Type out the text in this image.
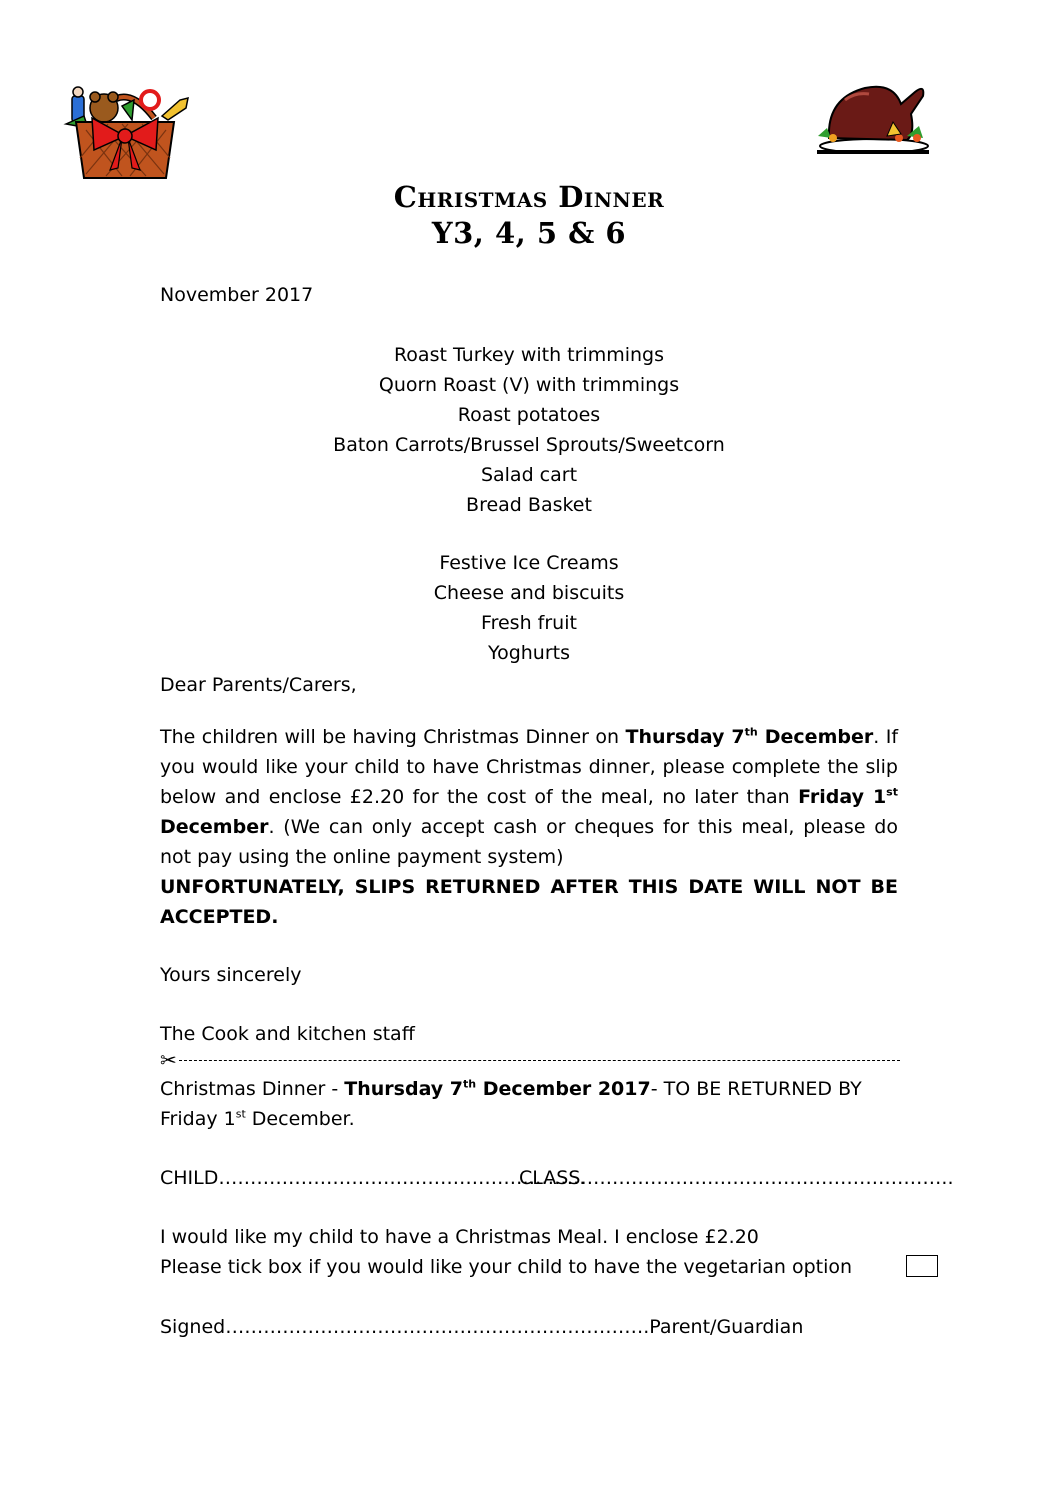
Christmas Dinner
Y3, 4, 5 & 6
November 2017
Roast Turkey with trimmings
Quorn Roast (V) with trimmings
Roast potatoes
Baton Carrots/Brussel Sprouts/Sweetcorn
Salad cart
Bread Basket
Festive Ice Creams
Cheese and biscuits
Fresh fruit
Yoghurts
Dear Parents/Carers,

The children will be having Christmas Dinner on Thursday 7th December. If you would like your child to have Christmas dinner, please complete the slip below and enclose £2.20 for the cost of the meal, no later than Friday 1st December. (We can only accept cash or cheques for this meal, please do not pay using the online payment system)

UNFORTUNATELY, SLIPS RETURNED AFTER THIS DATE WILL NOT BE ACCEPTED.

Yours sincerely
The Cook and kitchen staff
✂
Christmas Dinner - Thursday 7th December 2017- TO BE RETURNED BY
Friday 1st December.
CHILD………………………………………………….
CLASS…………………………………………………..
I would like my child to have a Christmas Meal. I enclose £2.20
Please tick box if you would like your child to have the vegetarian option
Signed………………………………………………………….Parent/Guardian
